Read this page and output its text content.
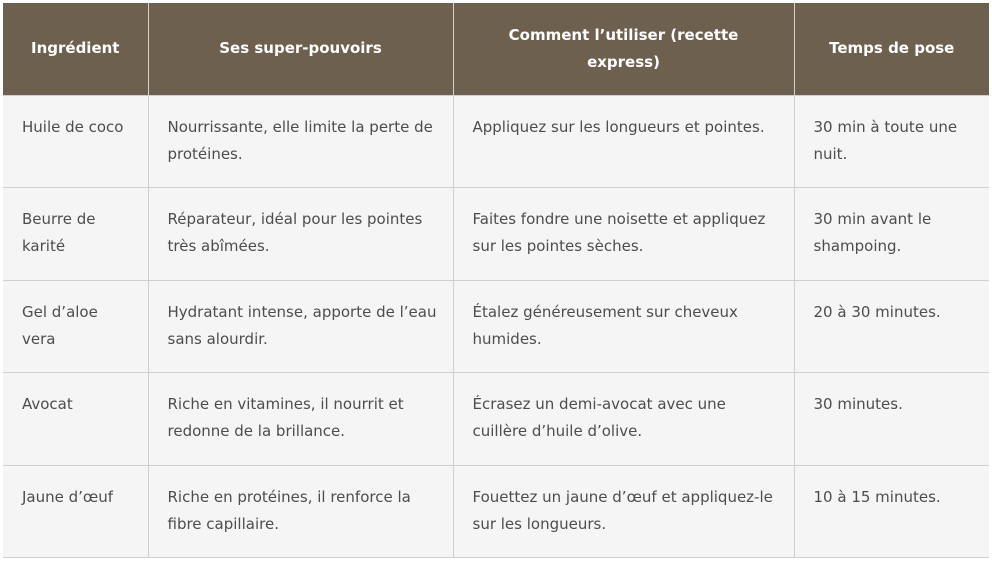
Ingrédient	Ses super-pouvoirs	Comment l’utiliser (recette express)	Temps de pose
Huile de coco	Nourrissante, elle limite la perte de protéines.	Appliquez sur les longueurs et pointes.	30 min à toute une nuit.
Beurre de karité	Réparateur, idéal pour les pointes très abîmées.	Faites fondre une noisette et appliquez sur les pointes sèches.	30 min avant le shampoing.
Gel d’aloe vera	Hydratant intense, apporte de l’eau sans alourdir.	Étalez généreusement sur cheveux humides.	20 à 30 minutes.
Avocat	Riche en vitamines, il nourrit et redonne de la brillance.	Écrasez un demi-avocat avec une cuillère d’huile d’olive.	30 minutes.
Jaune d’œuf	Riche en protéines, il renforce la fibre capillaire.	Fouettez un jaune d’œuf et appliquez-le sur les longueurs.	10 à 15 minutes.
